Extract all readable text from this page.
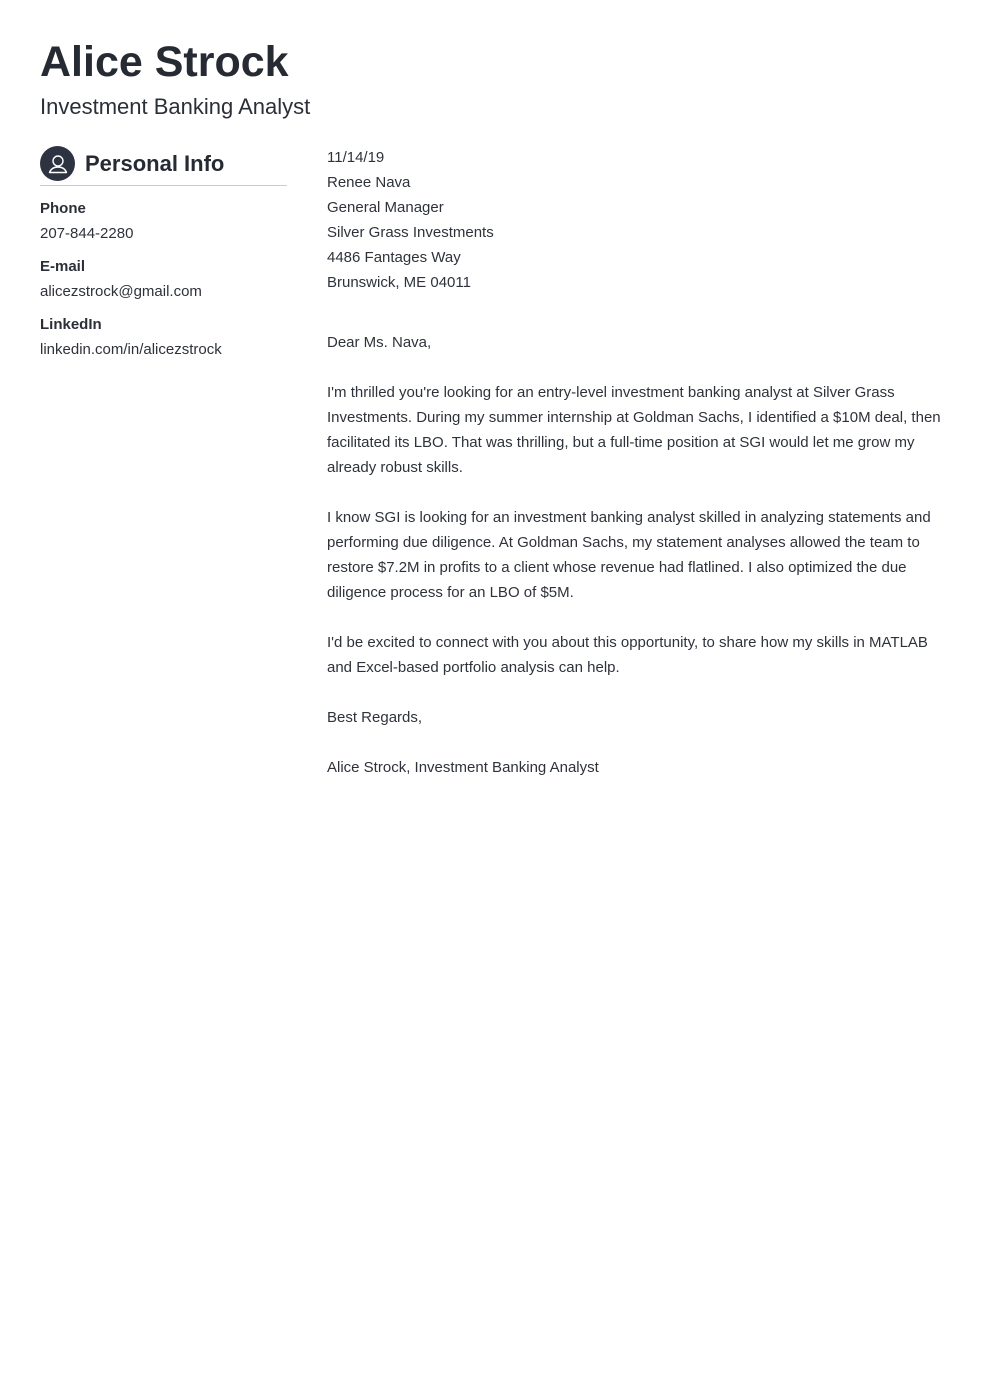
Alice Strock
Investment Banking Analyst
Personal Info
Phone
207-844-2280
E-mail
alicezstrock@gmail.com
LinkedIn
linkedin.com/in/alicezstrock

11/14/19

Renee Nava

General Manager

Silver Grass Investments

4486 Fantages Way

Brunswick, ME 04011

Dear Ms. Nava,

I'm thrilled you're looking for an entry-level investment banking analyst at Silver Grass Investments. During my summer internship at Goldman Sachs, I identified a $10M deal, then facilitated its LBO. That was thrilling, but a full-time position at SGI would let me grow my already robust skills.

I know SGI is looking for an investment banking analyst skilled in analyzing statements and performing due diligence. At Goldman Sachs, my statement analyses allowed the team to restore $7.2M in profits to a client whose revenue had flatlined. I also optimized the due diligence process for an LBO of $5M.

I'd be excited to connect with you about this opportunity, to share how my skills in MATLAB and Excel-based portfolio analysis can help.

Best Regards,

Alice Strock, Investment Banking Analyst
